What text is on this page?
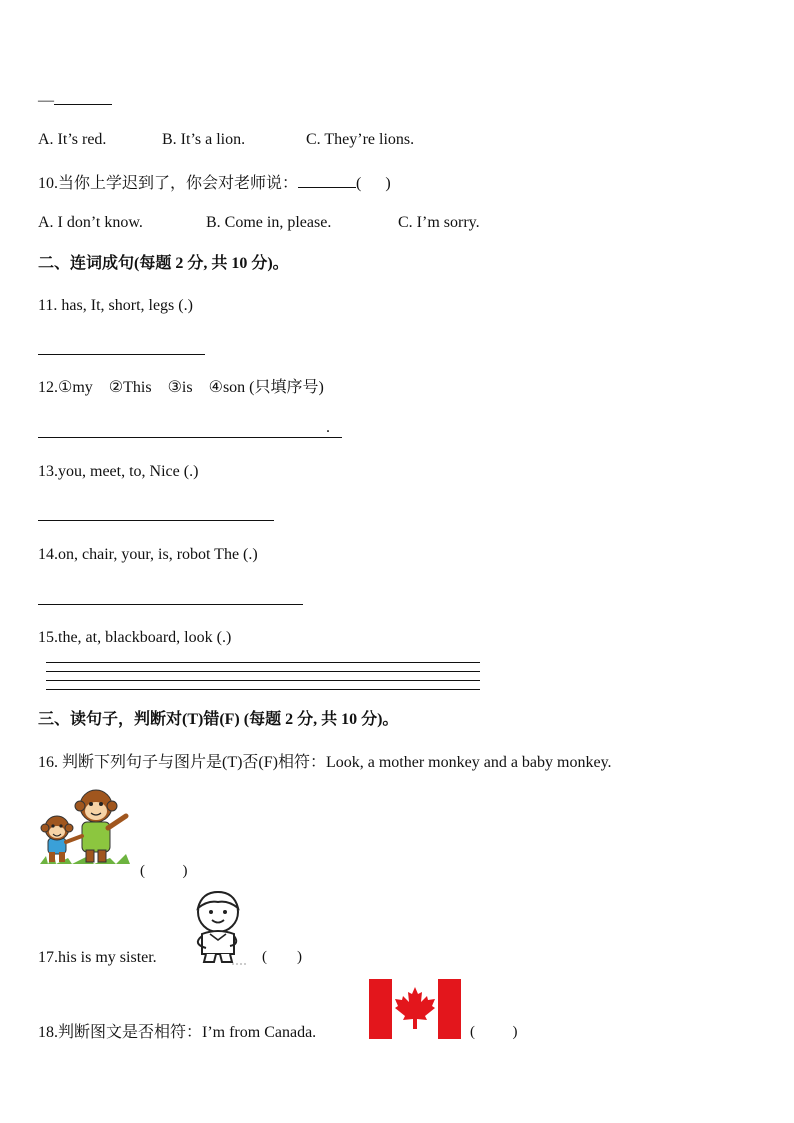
—
A. It’s red.	B. It’s a lion.	C. They’re lions.
10.当你上学迟到了，你会对老师说：	(      )
A. I don’t know.	B. Come in, please.	C. I’m sorry.
二、连词成句(每题 2 分, 共 10 分)。
11. has, It, short, legs (.)
12.①my    ②This    ③is    ④son (只填序号)
.
13.you, meet, to, Nice (.)
14.on, chair, your, is, robot The (.)
15.the, at, blackboard, look (.)
三、读句子，判断对(T)错(F) (每题 2 分, 共 10 分)。
16. 判断下列句子与图片是(T)否(F)相符：Look, a mother monkey and a baby monkey.
(          )
17.his is my sister.	(        )
18.判断图文是否相符：I’m from Canada.	(          )
